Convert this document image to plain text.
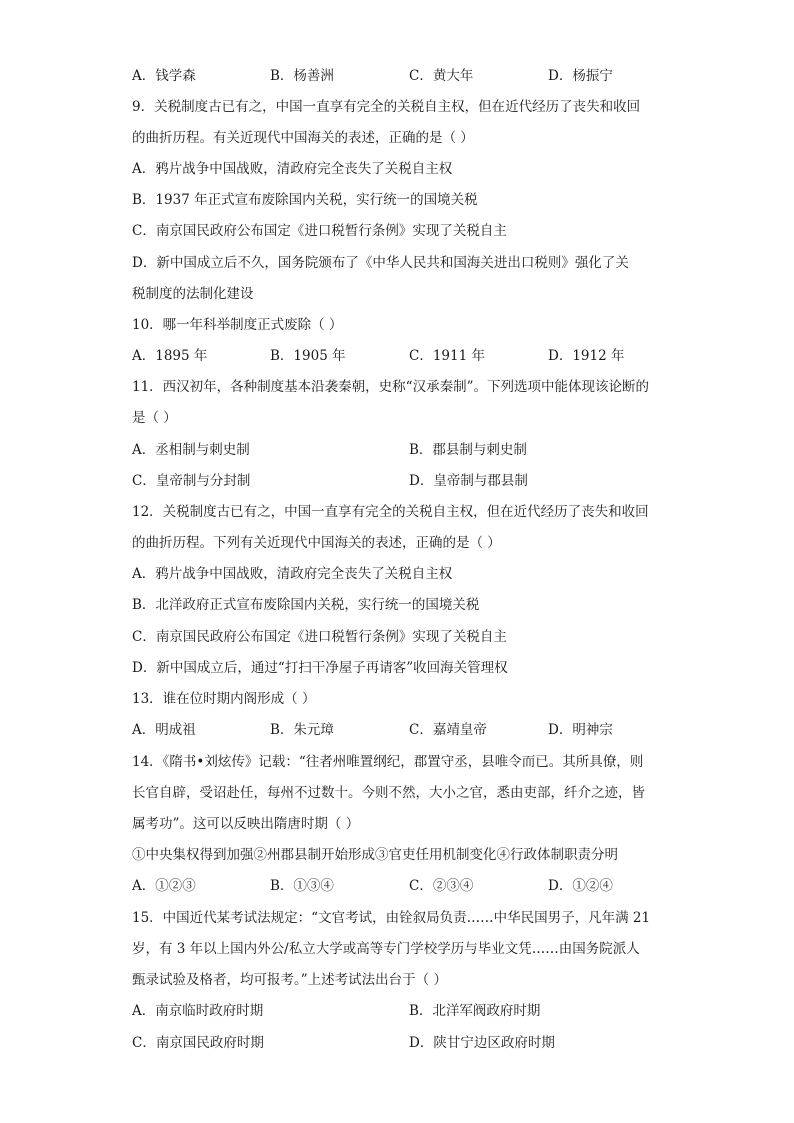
A．钱学森	B．杨善洲	C．黄大年	D．杨振宁
9．关税制度古已有之，中国一直享有完全的关税自主权，但在近代经历了丧失和收回
的曲折历程。有关近现代中国海关的表述，正确的是（ ）
A．鸦片战争中国战败，清政府完全丧失了关税自主权
B．1937 年正式宣布废除国内关税，实行统一的国境关税
C．南京国民政府公布国定《进口税暂行条例》实现了关税自主
D．新中国成立后不久，国务院颁布了《中华人民共和国海关进出口税则》强化了关
税制度的法制化建设
10．哪一年科举制度正式废除（ ）
A．1895 年	B．1905 年	C．1911 年	D．1912 年
11．西汉初年，各种制度基本沿袭秦朝，史称“汉承秦制”。下列选项中能体现该论断的
是（ ）
A．丞相制与刺史制	B．郡县制与刺史制
C．皇帝制与分封制	D．皇帝制与郡县制
12．关税制度古已有之，中国一直享有完全的关税自主权，但在近代经历了丧失和收回
的曲折历程。下列有关近现代中国海关的表述，正确的是（ ）
A．鸦片战争中国战败，清政府完全丧失了关税自主权
B．北洋政府正式宣布废除国内关税，实行统一的国境关税
C．南京国民政府公布国定《进口税暂行条例》实现了关税自主
D．新中国成立后，通过“打扫干净屋子再请客”收回海关管理权
13．谁在位时期内阁形成（ ）
A．明成祖	B．朱元璋	C．嘉靖皇帝	D．明神宗
14．《隋书•刘炫传》记载：“往者州唯置纲纪，郡置守丞，县唯令而已。其所具僚，则
长官自辟，受诏赴任，每州不过数十。今则不然，大小之官，悉由吏部，纤介之迹，皆
属考功”。这可以反映出隋唐时期（ ）
①中央集权得到加强②州郡县制开始形成③官吏任用机制变化④行政体制职责分明
A．①②③	B．①③④	C．②③④	D．①②④
15．中国近代某考试法规定：“文官考试，由铨叙局负责……中华民国男子，凡年满 21
岁，有 3 年以上国内外公/私立大学或高等专门学校学历与毕业文凭……由国务院派人
甄录试验及格者，均可报考。”上述考试法出台于（ ）
A．南京临时政府时期	B．北洋军阀政府时期
C．南京国民政府时期	D．陕甘宁边区政府时期
